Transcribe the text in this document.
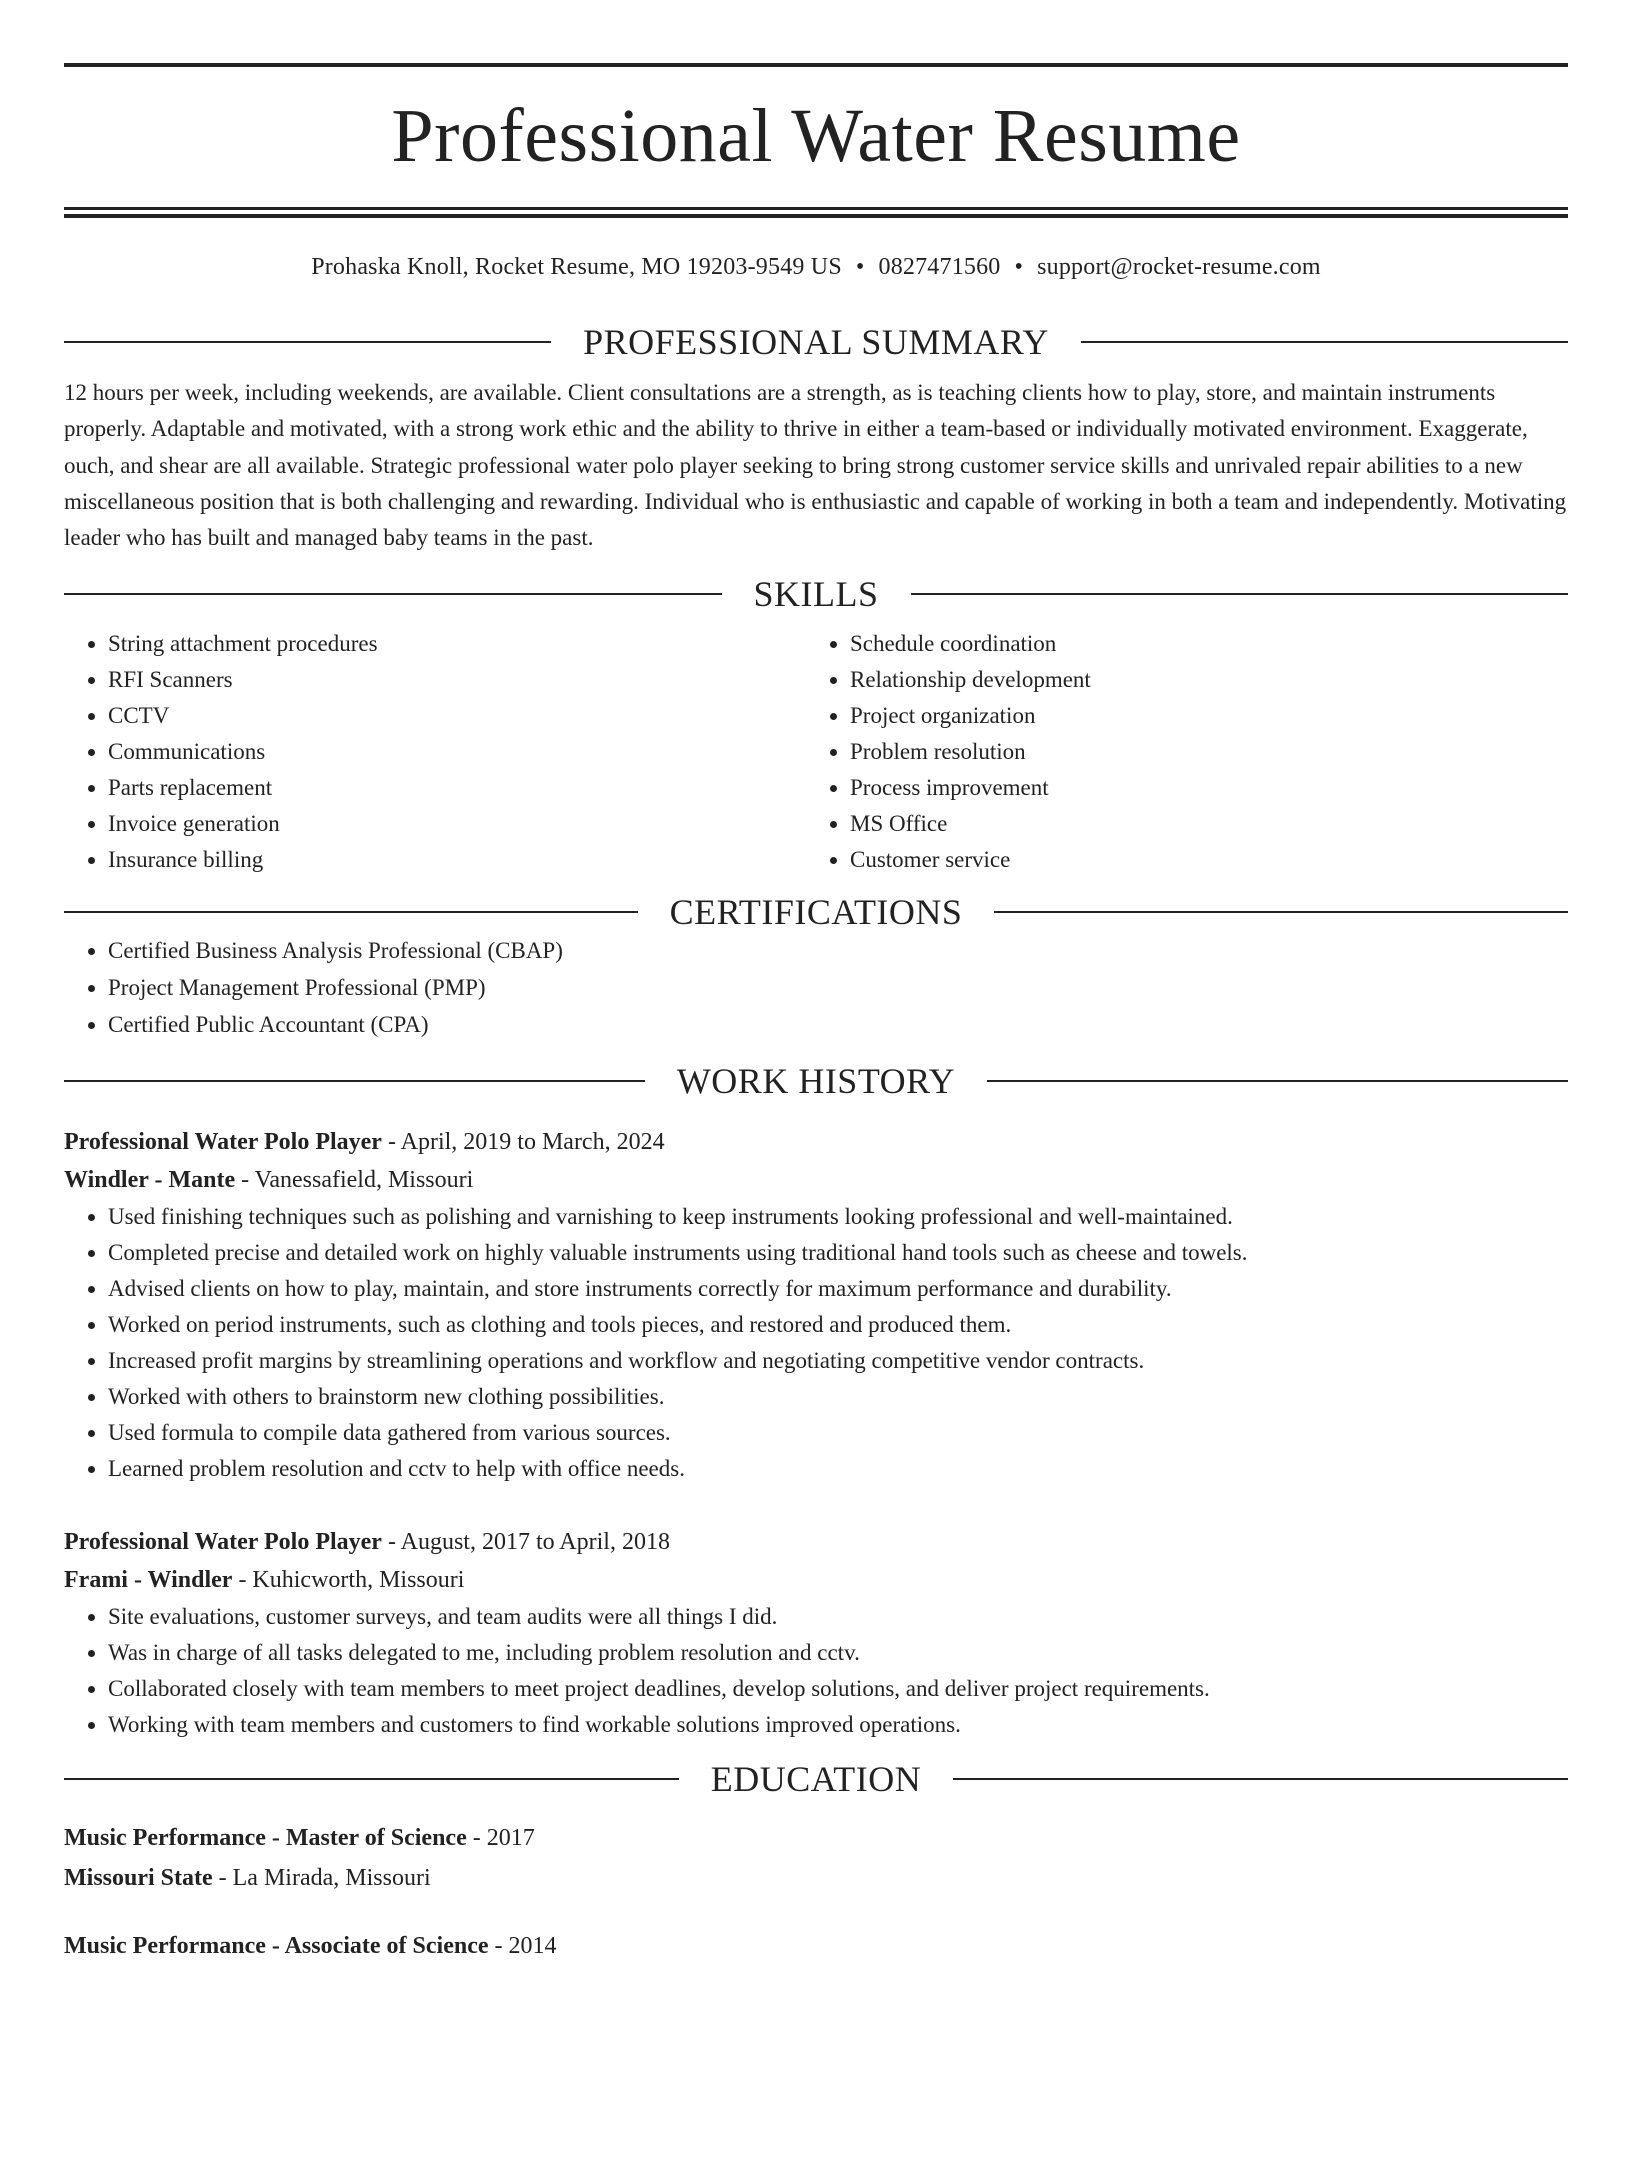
Professional Water Resume
Prohaska Knoll, Rocket Resume, MO 19203-9549 US • 0827471560 • support@rocket-resume.com
PROFESSIONAL SUMMARY
12 hours per week, including weekends, are available. Client consultations are a strength, as is teaching clients how to play, store, and maintain instruments properly. Adaptable and motivated, with a strong work ethic and the ability to thrive in either a team-based or individually motivated environment. Exaggerate, ouch, and shear are all available. Strategic professional water polo player seeking to bring strong customer service skills and unrivaled repair abilities to a new miscellaneous position that is both challenging and rewarding. Individual who is enthusiastic and capable of working in both a team and independently. Motivating leader who has built and managed baby teams in the past.
SKILLS
• String attachment procedures
• RFI Scanners
• CCTV
• Communications
• Parts replacement
• Invoice generation
• Insurance billing
• Schedule coordination
• Relationship development
• Project organization
• Problem resolution
• Process improvement
• MS Office
• Customer service
CERTIFICATIONS
• Certified Business Analysis Professional (CBAP)
• Project Management Professional (PMP)
• Certified Public Accountant (CPA)
WORK HISTORY
Professional Water Polo Player - April, 2019 to March, 2024
Windler - Mante - Vanessafield, Missouri
• Used finishing techniques such as polishing and varnishing to keep instruments looking professional and well-maintained.
• Completed precise and detailed work on highly valuable instruments using traditional hand tools such as cheese and towels.
• Advised clients on how to play, maintain, and store instruments correctly for maximum performance and durability.
• Worked on period instruments, such as clothing and tools pieces, and restored and produced them.
• Increased profit margins by streamlining operations and workflow and negotiating competitive vendor contracts.
• Worked with others to brainstorm new clothing possibilities.
• Used formula to compile data gathered from various sources.
• Learned problem resolution and cctv to help with office needs.
Professional Water Polo Player - August, 2017 to April, 2018
Frami - Windler - Kuhicworth, Missouri
• Site evaluations, customer surveys, and team audits were all things I did.
• Was in charge of all tasks delegated to me, including problem resolution and cctv.
• Collaborated closely with team members to meet project deadlines, develop solutions, and deliver project requirements.
• Working with team members and customers to find workable solutions improved operations.
EDUCATION
Music Performance - Master of Science - 2017
Missouri State - La Mirada, Missouri
Music Performance - Associate of Science - 2014
